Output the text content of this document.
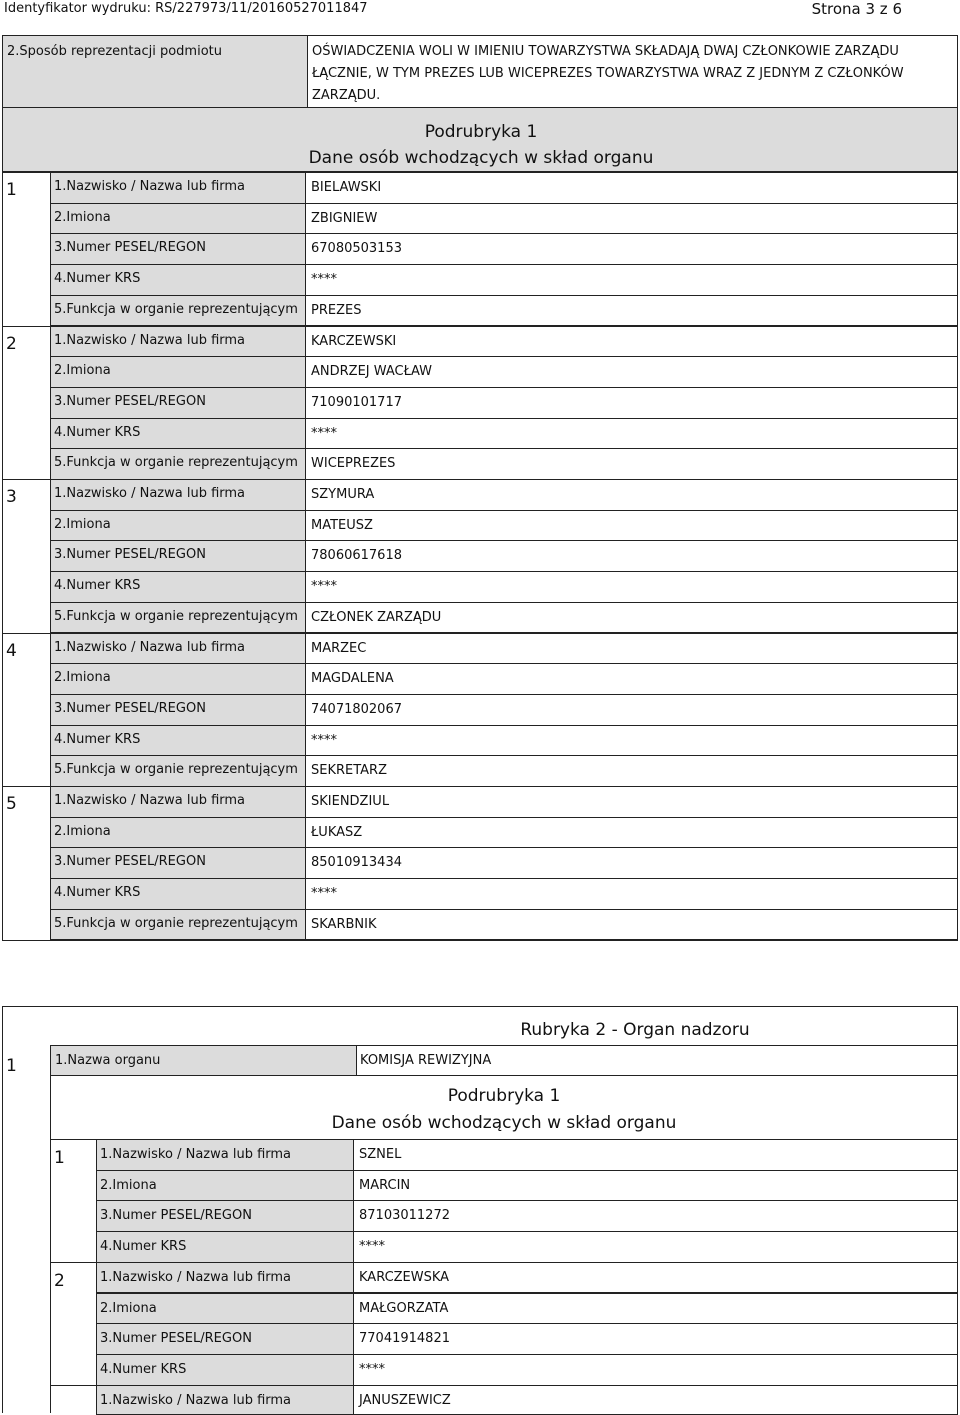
Identyfikator wydruku: RS/227973/11/20160527011847	Strona 3 z 6
2.Sposób reprezentacji podmiotu	OŚWIADCZENIA WOLI W IMIENIU TOWARZYSTWA SKŁADAJĄ DWAJ CZŁONKOWIE ZARZĄDU
ŁĄCZNIE, W TYM PREZES LUB WICEPREZES TOWARZYSTWA WRAZ Z JEDNYM Z CZŁONKÓW
ZARZĄDU.
Podrubryka 1
Dane osób wchodzących w skład organu
1	1.Nazwisko / Nazwa lub firma	BIELAWSKI
2.Imiona	ZBIGNIEW
3.Numer PESEL/REGON	67080503153
4.Numer KRS	****
5.Funkcja w organie reprezentującym PREZES
2	1.Nazwisko / Nazwa lub firma	KARCZEWSKI
2.Imiona	ANDRZEJ WACŁAW
3.Numer PESEL/REGON	71090101717
4.Numer KRS	****
5.Funkcja w organie reprezentującym WICEPREZES
3	1.Nazwisko / Nazwa lub firma	SZYMURA
2.Imiona	MATEUSZ
3.Numer PESEL/REGON	78060617618
4.Numer KRS	****
5.Funkcja w organie reprezentującym CZŁONEK ZARZĄDU
4	1.Nazwisko / Nazwa lub firma	MARZEC
2.Imiona	MAGDALENA
3.Numer PESEL/REGON	74071802067
4.Numer KRS	****
5.Funkcja w organie reprezentującym SEKRETARZ
5	1.Nazwisko / Nazwa lub firma	SKIENDZIUL
2.Imiona	ŁUKASZ
3.Numer PESEL/REGON	85010913434
4.Numer KRS	****
5.Funkcja w organie reprezentującym SKARBNIK
Rubryka 2 - Organ nadzoru
1	1.Nazwa organu	KOMISJA REWIZYJNA
Podrubryka 1
Dane osób wchodzących w skład organu
1	1.Nazwisko / Nazwa lub firma	SZNEL
2.Imiona	MARCIN
3.Numer PESEL/REGON	87103011272
4.Numer KRS	****
2	1.Nazwisko / Nazwa lub firma	KARCZEWSKA
2.Imiona	MAŁGORZATA
3.Numer PESEL/REGON	77041914821
4.Numer KRS	****
1.Nazwisko / Nazwa lub firma	JANUSZEWICZ
